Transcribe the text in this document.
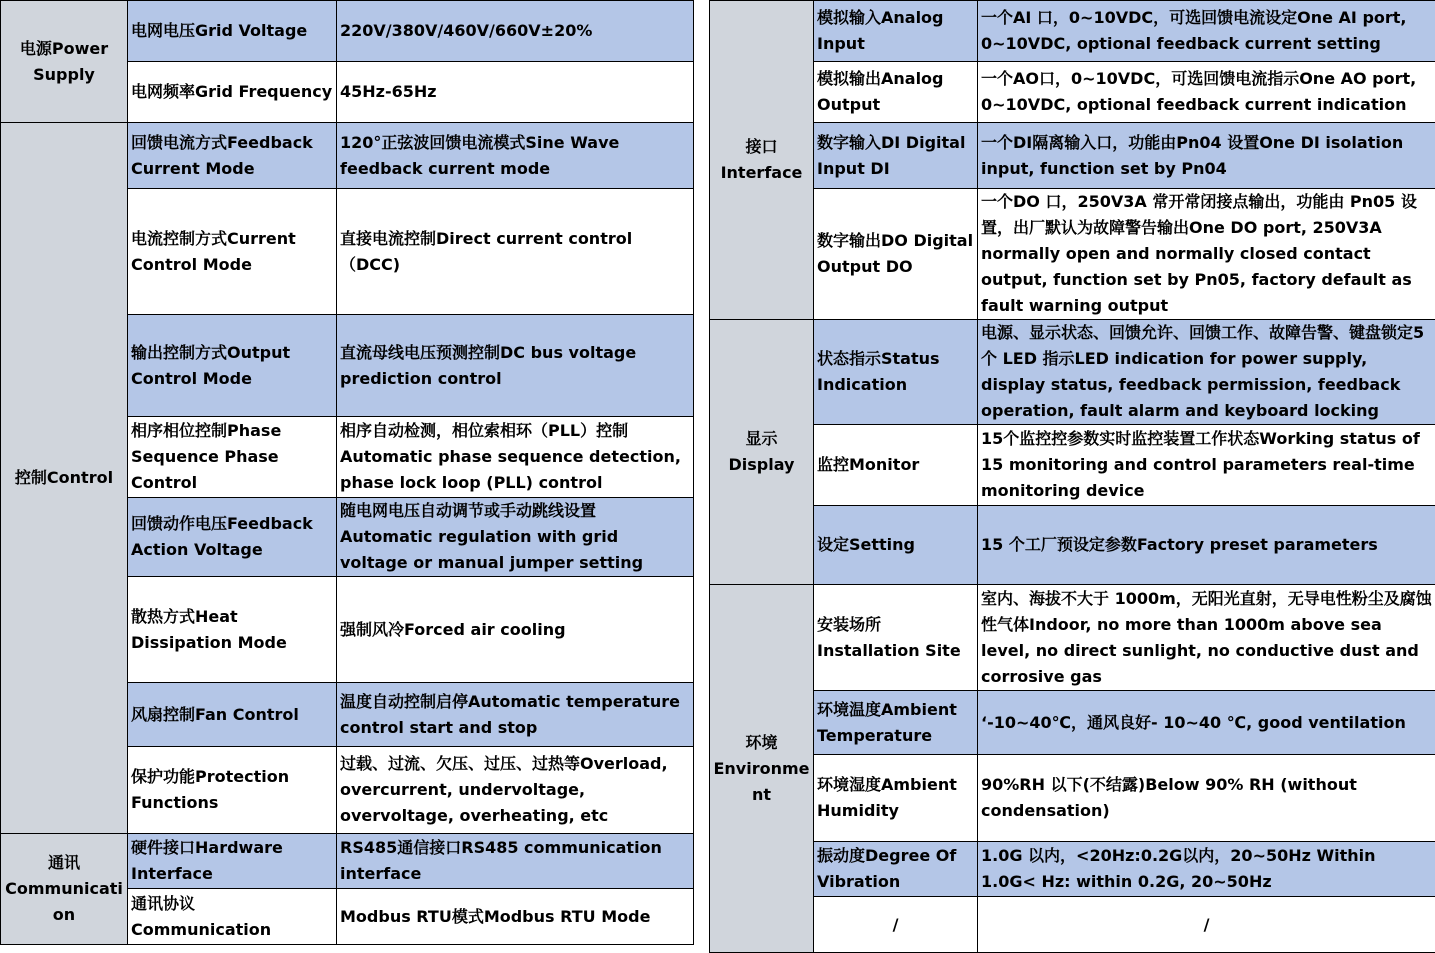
电源Power Supply	电网电压Grid Voltage	220V/380V/460V/660V±20%
	电网频率Grid Frequency	45Hz-65Hz
控制Control	回馈电流方式Feedback Current Mode	120°正弦波回馈电流模式Sine Wave feedback current mode
	电流控制方式Current Control Mode	直接电流控制Direct current control （DCC)
	输出控制方式Output Control Mode	直流母线电压预测控制DC bus voltage prediction control
	相序相位控制Phase Sequence Phase Control	相序自动检测，相位索相环（PLL）控制 Automatic phase sequence detection, phase lock loop (PLL) control
	回馈动作电压Feedback Action Voltage	随电网电压自动调节或手动跳线设置 Automatic regulation with grid voltage or manual jumper setting
	散热方式Heat Dissipation Mode	强制风冷Forced air cooling
	风扇控制Fan Control	温度自动控制启停Automatic temperature control start and stop
	保护功能Protection Functions	过载、过流、欠压、过压、过热等Overload, overcurrent, undervoltage, overvoltage, overheating, etc
通讯Communication	硬件接口Hardware Interface	RS485通信接口RS485 communication interface
	通讯协议 Communication	Modbus RTU模式Modbus RTU Mode
接口 Interface	模拟输入Analog Input	一个AI 口，0~10VDC，可选回馈电流设定One AI port, 0~10VDC, optional feedback current setting
	模拟输出Analog Output	一个AO口，0~10VDC，可选回馈电流指示One AO port, 0~10VDC, optional feedback current indication
	数字输入DI Digital Input DI	一个DI隔离输入口，功能由Pn04 设置One DI isolation input, function set by Pn04
	数字输出DO Digital Output DO	一个DO 口，250V3A 常开常闭接点输出，功能由 Pn05 设置，出厂默认为故障警告输出One DO port, 250V3A normally open and normally closed contact output, function set by Pn05, factory default as fault warning output
显示Display	状态指示Status Indication	电源、显示状态、回馈允许、回馈工作、故障告警、键盘锁定5个 LED 指示LED indication for power supply, display status, feedback permission, feedback operation, fault alarm and keyboard locking
	监控Monitor	15个监控控参数实时监控装置工作状态Working status of 15 monitoring and control parameters real-time monitoring device
	设定Setting	15 个工厂预设定参数Factory preset parameters
环境 Environment	安装场所 Installation Site	室内、海拔不大于 1000m，无阳光直射，无导电性粉尘及腐蚀性气体Indoor, no more than 1000m above sea level, no direct sunlight, no conductive dust and corrosive gas
	环境温度Ambient Temperature	‘-10~40℃，通风良好- 10~40 ℃, good ventilation
	环境湿度Ambient Humidity	90%RH 以下(不结露)Below 90% RH (without condensation)
	振动度Degree Of Vibration	1.0G 以内，<20Hz:0.2G以内，20~50Hz Within 1.0G< Hz: within 0.2G, 20~50Hz
	/	/
